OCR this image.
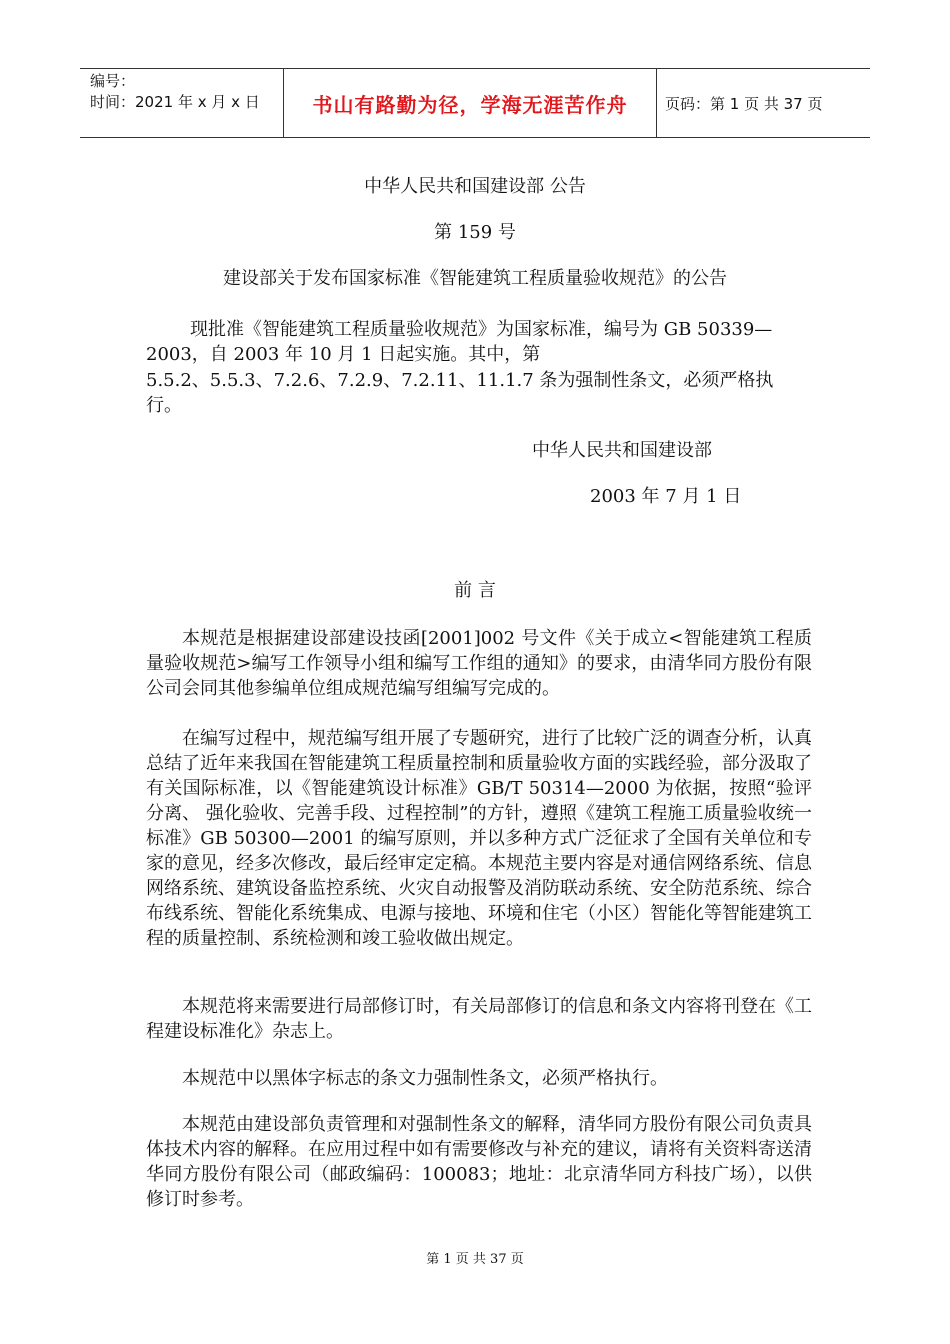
编号：
时间：2021 年 x 月 x 日	书山有路勤为径，学海无涯苦作舟	页码：第 1 页 共 37 页
中华人民共和国建设部 公告
第 159 号
建设部关于发布国家标准《智能建筑工程质量验收规范》的公告
现批准《智能建筑工程质量验收规范》为国家标准，编号为 GB 50339—
2003，自 2003 年 10 月 1 日起实施。其中，第
5.5.2、5.5.3、7.2.6、7.2.9、7.2.11、11.1.7 条为强制性条文，必须严格执
行。
中华人民共和国建设部
2003 年 7 月 1 日
前 言

本规范是根据建设部建设技函[2001]002 号文件《关于成立<智能建筑工程质量验收规范>编写工作领导小组和编写工作组的通知》的要求，由清华同方股份有限公司会同其他参编单位组成规范编写组编写完成的。

在编写过程中，规范编写组开展了专题研究，进行了比较广泛的调查分析，认真总结了近年来我国在智能建筑工程质量控制和质量验收方面的实践经验，部分汲取了有关国际标准，以《智能建筑设计标准》GB/T 50314—2000 为依据，按照“验评分离、 强化验收、完善手段、过程控制”的方针，遵照《建筑工程施工质量验收统一标准》GB 50300—2001 的编写原则，并以多种方式广泛征求了全国有关单位和专家的意见，经多次修改，最后经审定定稿。本规范主要内容是对通信网络系统、信息网络系统、建筑设备监控系统、火灾自动报警及消防联动系统、安全防范系统、综合布线系统、智能化系统集成、电源与接地、环境和住宅（小区）智能化等智能建筑工程的质量控制、系统检测和竣工验收做出规定。

本规范将来需要进行局部修订时，有关局部修订的信息和条文内容将刊登在《工程建设标准化》杂志上。

本规范中以黑体字标志的条文力强制性条文，必须严格执行。

本规范由建设部负责管理和对强制性条文的解释，清华同方股份有限公司负责具体技术内容的解释。在应用过程中如有需要修改与补充的建议，请将有关资料寄送清华同方股份有限公司（邮政编码：100083；地址：北京清华同方科技广场），以供修订时参考。

第 1 页 共 37 页
